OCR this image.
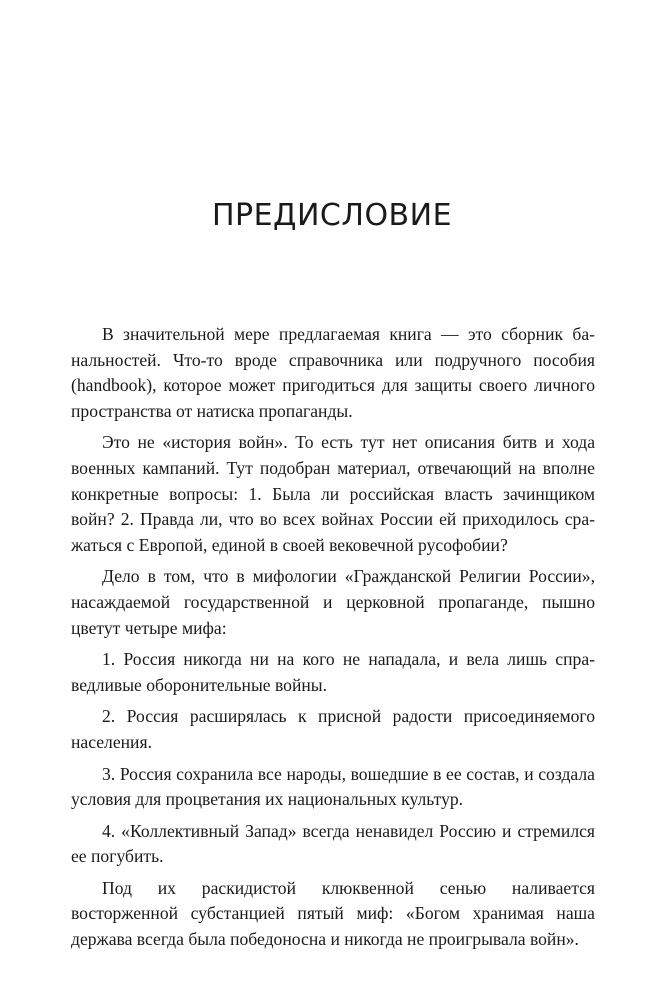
ПРЕДИСЛОВИЕ

В значительной мере предлагаемая книга — это сборник банальностей. Что-то вроде справочника или подручного пособия (handbook), которое может пригодиться для защиты своего личного пространства от натиска пропаганды.

Это не «история войн». То есть тут нет описания битв и хода военных кампаний. Тут подобран материал, отвечающий на вполне конкретные вопросы: 1. Была ли российская власть зачинщиком войн? 2. Правда ли, что во всех войнах России ей приходилось сражаться с Европой, единой в своей вековечной русофобии?

Дело в том, что в мифологии «Гражданской Религии России», насаждаемой государственной и церковной пропаганде, пышно цветут четыре мифа:

1. Россия никогда ни на кого не нападала, и вела лишь справедливые оборонительные войны.

2. Россия расширялась к присной радости присоединяемого населения.

3. Россия сохранила все народы, вошедшие в ее состав, и создала условия для процветания их национальных культур.

4. «Коллективный Запад» всегда ненавидел Россию и стремился ее погубить.

Под их раскидистой клюквенной сенью наливается восторженной субстанцией пятый миф: «Богом хранимая наша держава всегда была победоносна и никогда не проигрывала войн».
